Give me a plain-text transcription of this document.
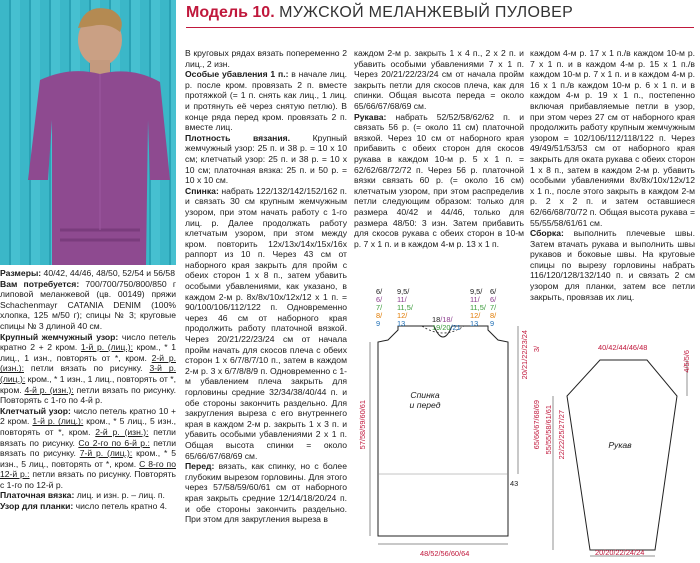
Модель 10. МУЖСКОЙ МЕЛАНЖЕВЫЙ ПУЛОВЕР

Размеры: 40/42, 44/46, 48/50, 52/54 и 56/58

Вам потребуется: 700/700/750/800/850 г липовой меланжевой (цв. 00149) пряжи Schachenmayr CATANIA DENIM (100% хлопка, 125 м/50 г); спицы № 3; круговые спицы № 3 длиной 40 см.

Крупный жемчужный узор: число петель кратно 2 + 2 кром. 1-й р. (лиц.): кром., * 1 лиц., 1 изн., повторять от *, кром. 2-й р. (изн.): петли вязать по рисунку. 3-й р. (лиц.): кром., * 1 изн., 1 лиц., повторять от *, кром. 4-й р. (изн.): петли вязать по рисунку. Повторять с 1-го по 4-й р.

Клетчатый узор: число петель кратно 10 + 2 кром. 1-й р. (лиц.): кром., * 5 лиц., 5 изн., повторять от *, кром. 2-й р. (изн.): петли вязать по рисунку. Со 2-го по 6-й р.: петли вязать по рисунку. 7-й р. (лиц.): кром., * 5 изн., 5 лиц., повторять от *, кром. С 8-го по 12-й р.: петли вязать по рисунку. Повторять с 1-го по 12-й р.

Платочная вязка: лиц. и изн. р. – лиц. п.

Узор для планки: число петель кратно 4.

В круговых рядах вязать попеременно 2 лиц., 2 изн.

Особые убавления 1 п.: в начале лиц. р. после кром. провязать 2 п. вместе протяжкой (= 1 п. снять как лиц., 1 лиц. и протянуть её через снятую петлю). В конце ряда перед кром. провязать 2 п. вместе лиц.

Плотность вязания. Крупный жемчужный узор: 25 п. и 38 р. = 10 х 10 см; клетчатый узор: 25 п. и 38 р. = 10 х 10 см; платочная вязка: 25 п. и 50 р. = 10 х 10 см.

Спинка: набрать 122/132/142/152/162 п. и связать 30 см крупным жемчужным узором, при этом начать работу с 1-го лиц. р. Далее продолжать работу клетчатым узором, при этом между кром. повторить 12х/13х/14х/15х/16х раппорт из 10 п. Через 43 см от наборного края закрыть для пройм с обеих сторон 1 х 8 п., затем убавить особыми убавлениями, как указано, в каждом 2-м р. 8х/8х/10х/12х/12 х 1 п. = 90/100/106/112/122 п. Одновременно через 46 см от наборного края продолжить работу платочной вязкой. Через 20/21/22/23/24 см от начала пройм начать для скосов плеча с обеих сторон 1 х 6/7/8/7/10 п., затем в каждом 2-м р. 3 х 6/7/8/8/9 п. Одновременно с 1-м убавлением плеча закрыть для горловины средние 32/34/38/40/44 п. и обе стороны закончить раздельно. Для закругления выреза с его внутреннего края в каждом 2-м р. закрыть 1 х 3 п. и убавить особыми убавлениями 2 х 1 п. Общая высота спинки = около 65/66/67/68/69 см.

Перед: вязать, как спинку, но с более глубоким вырезом горловины. Для этого через 57/58/59/60/61 см от наборного края закрыть средние 12/14/18/20/24 п. и обе стороны закончить раздельно. При этом для закругления выреза в

каждом 2-м р. закрыть 1 х 4 п., 2 х 2 п. и убавить особыми убавлениями 7 х 1 п. Через 20/21/22/23/24 см от начала пройм закрыть петли для скосов плеча, как для спинки. Общая высота переда = около 65/66/67/68/69 см.

Рукава: набрать 52/52/58/62/62 п. и связать 56 р. (= около 11 см) платочной вязкой. Через 10 см от наборного края прибавить с обеих сторон для скосов рукава в каждом 10-м р. 5 х 1 п. = 62/62/68/72/72 п. Через 56 р. платочной вязки связать 60 р. (= около 16 см) клетчатым узором, при этом распределив петли следующим образом: только для размера 40/42 и 44/46, только для размера 48/50: 3 изн. Затем прибавить для скосов рукава с обеих сторон в 10-м р. 7 х 1 п. и в каждом 4-м р. 13 х 1 п.

каждом 4-м р. 17 х 1 п./в каждом 10-м р. 7 х 1 п. и в каждом 4-м р. 15 х 1 п./в каждом 10-м р. 7 х 1 п. и в каждом 4-м р. 16 х 1 п./в каждом 10-м р. 6 х 1 п. и в каждом 4-м р. 19 х 1 п., постепенно включая прибавляемые петли в узор, при этом через 27 см от наборного края продолжить работу крупным жемчужным узором = 102/106/112/118/122 п. Через 49/49/51/53/53 см от наборного края закрыть для оката рукава с обеих сторон 1 х 8 п., затем в каждом 2-м р. убавить особыми убавлениями 8х/8х/10х/12х/12 х 1 п., после этого закрыть в каждом 2-м р. 2 х 2 п. и затем оставшиеся 62/66/68/70/72 п. Общая высота рукава = 55/55/58/61/61 см.

Сборка: выполнить плечевые швы. Затем втачать рукава и выполнить швы рукавов и боковые швы. На круговые спицы по вырезу горловины набрать 116/120/128/132/140 п. и связать 2 см узором для планки, затем все петли закрыть, провязав их лиц.

Спинка
и перед
6/
6/
7/
8/
9
9,5/
11/
11,5/
12/
13	18/18/
19/20/21
9,5/
11/
11,5/
12/
13
6/
6/
7/
8/
9
57/58/59/60/61
20/21/22/23/24 3/
65/66/67/68/69
43
48/52/56/60/64
Рукав
40/42/44/46/48
4/5/5/6
55/55/58/61/61 22/22/25/27/27
20/20/22/24/24
